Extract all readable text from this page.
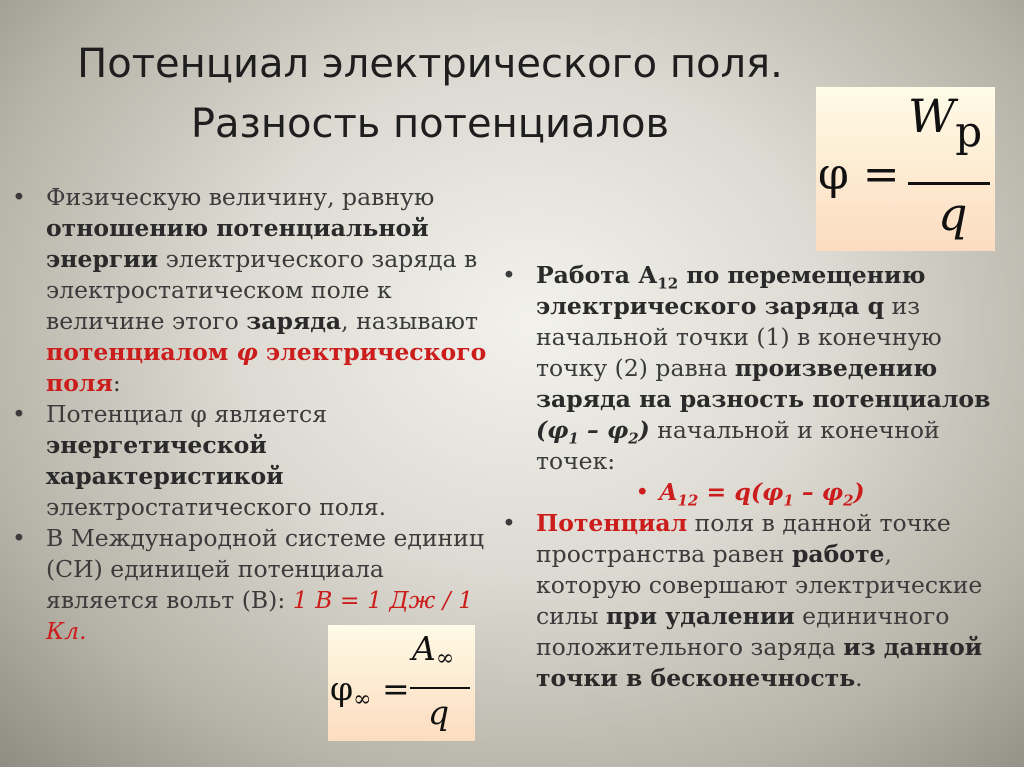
Потенциал электрического поля.
Разность потенциалов
φ =
Wp
q
φ∞ =
A∞
q
• Физическую величину, равную отношению потенциальной энергии электрического заряда в электростатическом поле к величине этого заряда, называют потенциалом φ электрического поля:
• Потенциал φ является энергетической характеристикой электростатического поля.
• В Международной системе единиц (СИ) единицей потенциала является вольт (В): 1 В = 1 Дж / 1 Кл.
• Работа $А_{12}$ по перемещению электрического заряда q из начальной точки (1) в конечную точку (2) равна произведению заряда на разность потенциалов $(\varphi_1 - \varphi_2)$ начальной и конечной точек:
• $A_{12} = q(\varphi_1 - \varphi_2)$
• Потенциал поля в данной точке пространства равен работе, которую совершают электрические силы при удалении единичного положительного заряда из данной точки в бесконечность.
